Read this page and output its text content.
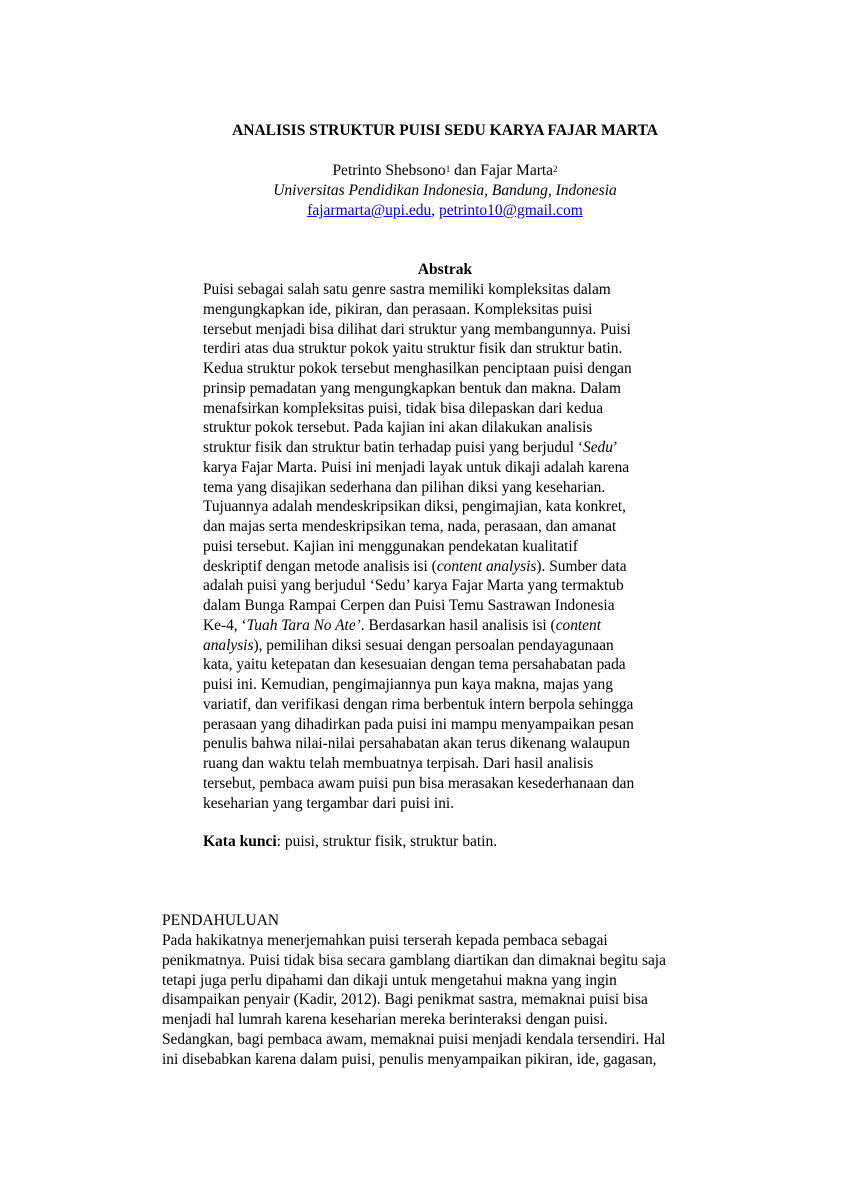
ANALISIS STRUKTUR PUISI SEDU KARYA FAJAR MARTA
Petrinto Shebsono$^1$ dan Fajar Marta$^2$
Universitas Pendidikan Indonesia, Bandung, Indonesia
fajarmarta@upi.edu, petrinto10@gmail.com
Abstrak
Puisi sebagai salah satu genre sastra memiliki kompleksitas dalam
mengungkapkan ide, pikiran, dan perasaan. Kompleksitas puisi
tersebut menjadi bisa dilihat dari struktur yang membangunnya. Puisi
terdiri atas dua struktur pokok yaitu struktur fisik dan struktur batin.
Kedua struktur pokok tersebut menghasilkan penciptaan puisi dengan
prinsip pemadatan yang mengungkapkan bentuk dan makna. Dalam
menafsirkan kompleksitas puisi, tidak bisa dilepaskan dari kedua
struktur pokok tersebut. Pada kajian ini akan dilakukan analisis
struktur fisik dan struktur batin terhadap puisi yang berjudul ‘Sedu’
karya Fajar Marta. Puisi ini menjadi layak untuk dikaji adalah karena
tema yang disajikan sederhana dan pilihan diksi yang keseharian.
Tujuannya adalah mendeskripsikan diksi, pengimajian, kata konkret,
dan majas serta mendeskripsikan tema, nada, perasaan, dan amanat
puisi tersebut. Kajian ini menggunakan pendekatan kualitatif
deskriptif dengan metode analisis isi (content analysis). Sumber data
adalah puisi yang berjudul ‘Sedu’ karya Fajar Marta yang termaktub
dalam Bunga Rampai Cerpen dan Puisi Temu Sastrawan Indonesia
Ke-4, ‘Tuah Tara No Ate’. Berdasarkan hasil analisis isi (content
analysis), pemilihan diksi sesuai dengan persoalan pendayagunaan
kata, yaitu ketepatan dan kesesuaian dengan tema persahabatan pada
puisi ini. Kemudian, pengimajiannya pun kaya makna, majas yang
variatif, dan verifikasi dengan rima berbentuk intern berpola sehingga
perasaan yang dihadirkan pada puisi ini mampu menyampaikan pesan
penulis bahwa nilai-nilai persahabatan akan terus dikenang walaupun
ruang dan waktu telah membuatnya terpisah. Dari hasil analisis
tersebut, pembaca awam puisi pun bisa merasakan kesederhanaan dan
keseharian yang tergambar dari puisi ini.
Kata kunci: puisi, struktur fisik, struktur batin.
PENDAHULUAN
Pada hakikatnya menerjemahkan puisi terserah kepada pembaca sebagai
penikmatnya. Puisi tidak bisa secara gamblang diartikan dan dimaknai begitu saja
tetapi juga perlu dipahami dan dikaji untuk mengetahui makna yang ingin
disampaikan penyair (Kadir, 2012). Bagi penikmat sastra, memaknai puisi bisa
menjadi hal lumrah karena keseharian mereka berinteraksi dengan puisi.
Sedangkan, bagi pembaca awam, memaknai puisi menjadi kendala tersendiri. Hal
ini disebabkan karena dalam puisi, penulis menyampaikan pikiran, ide, gagasan,
